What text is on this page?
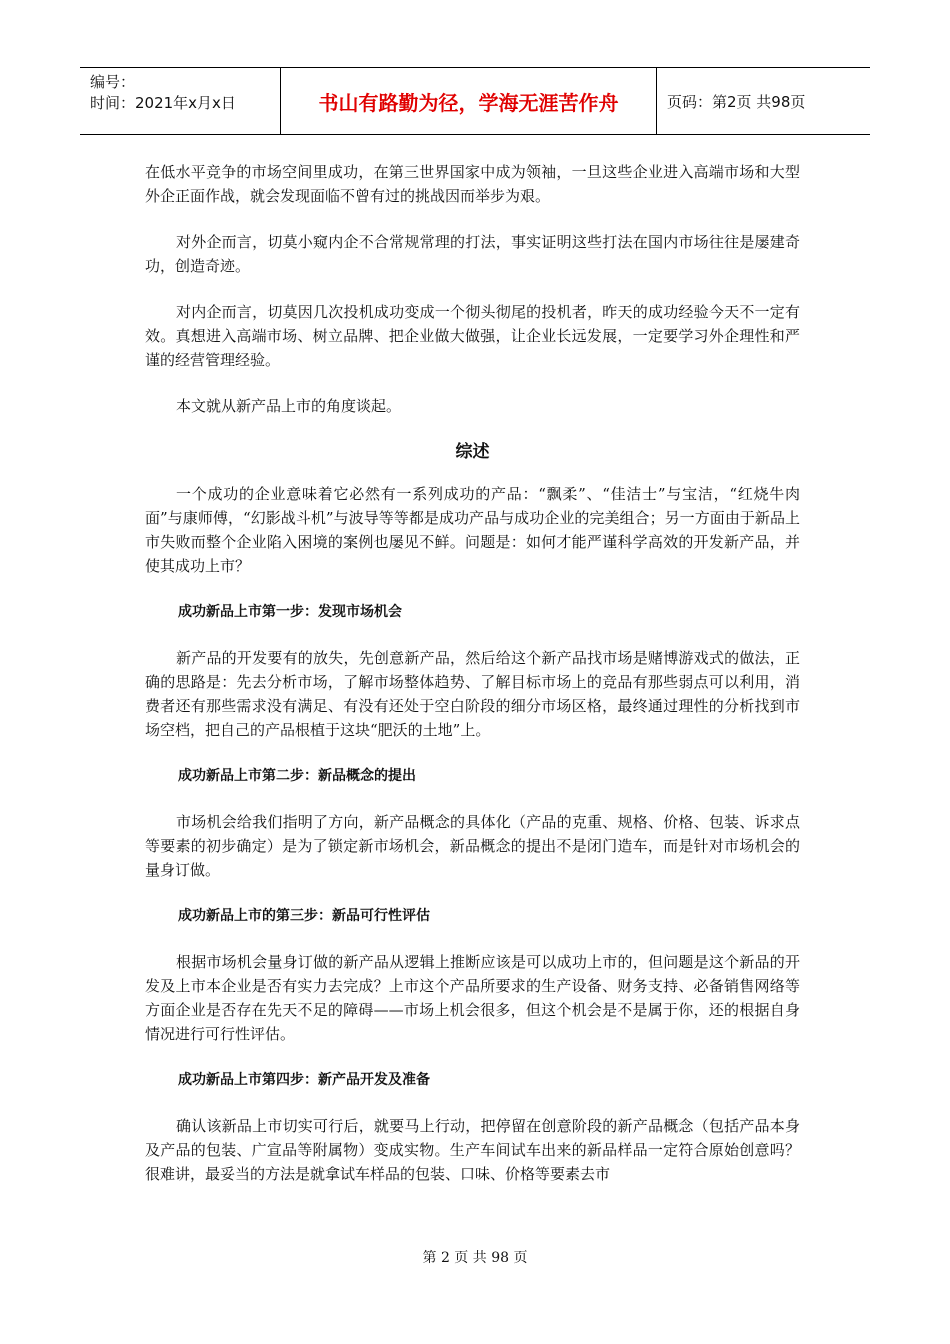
编号：
时间：2021年x月x日	书山有路勤为径，学海无涯苦作舟	页码：第2页 共98页

在低水平竞争的市场空间里成功，在第三世界国家中成为领袖，一旦这些企业进入高端市场和大型外企正面作战，就会发现面临不曾有过的挑战因而举步为艰。

对外企而言，切莫小窥内企不合常规常理的打法，事实证明这些打法在国内市场往往是屡建奇功，创造奇迹。

对内企而言，切莫因几次投机成功变成一个彻头彻尾的投机者，昨天的成功经验今天不一定有效。真想进入高端市场、树立品牌、把企业做大做强，让企业长远发展，一定要学习外企理性和严谨的经营管理经验。

本文就从新产品上市的角度谈起。

综述

一个成功的企业意味着它必然有一系列成功的产品：“飘柔”、“佳洁士”与宝洁，“红烧牛肉面”与康师傅，“幻影战斗机”与波导等等都是成功产品与成功企业的完美组合；另一方面由于新品上市失败而整个企业陷入困境的案例也屡见不鲜。问题是：如何才能严谨科学高效的开发新产品，并使其成功上市？

成功新品上市第一步：发现市场机会

新产品的开发要有的放失，先创意新产品，然后给这个新产品找市场是赌博游戏式的做法，正确的思路是：先去分析市场，了解市场整体趋势、了解目标市场上的竞品有那些弱点可以利用，消费者还有那些需求没有满足、有没有还处于空白阶段的细分市场区格，最终通过理性的分析找到市场空档，把自己的产品根植于这块“肥沃的土地”上。

成功新品上市第二步：新品概念的提出

市场机会给我们指明了方向，新产品概念的具体化（产品的克重、规格、价格、包装、诉求点等要素的初步确定）是为了锁定新市场机会，新品概念的提出不是闭门造车，而是针对市场机会的量身订做。

成功新品上市的第三步：新品可行性评估

根据市场机会量身订做的新产品从逻辑上推断应该是可以成功上市的，但问题是这个新品的开发及上市本企业是否有实力去完成？上市这个产品所要求的生产设备、财务支持、必备销售网络等方面企业是否存在先天不足的障碍——市场上机会很多，但这个机会是不是属于你，还的根据自身情况进行可行性评估。

成功新品上市第四步：新产品开发及准备

确认该新品上市切实可行后，就要马上行动，把停留在创意阶段的新产品概念（包括产品本身及产品的包装、广宣品等附属物）变成实物。生产车间试车出来的新品样品一定符合原始创意吗？很难讲，最妥当的方法是就拿试车样品的包装、口味、价格等要素去市

第 2 页 共 98 页
